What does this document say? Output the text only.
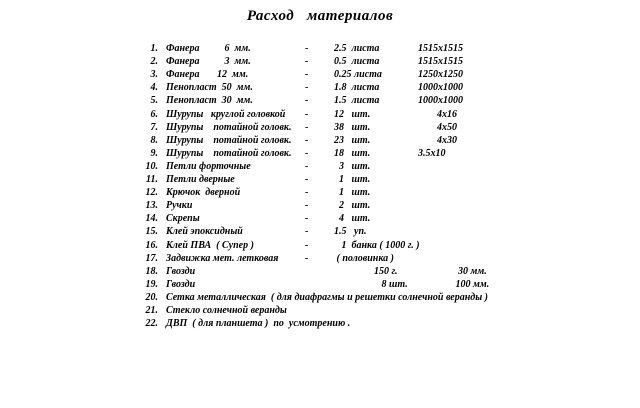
Расход   материалов
1. Фанера          6  мм.	-	2.5  листа	1515х1515
2. Фанера          3  мм.	-	0.5  листа	1515х1515
3. Фанера       12  мм.	-	0.25 листа	1250х1250
4. Пенопласт  50  мм.	-	1.8  листа	1000х1000
5. Пенопласт  30  мм.	-	1.5  листа	1000х1000
6. Шурупы   круглой головкой -	12   шт.	4х16
7. Шурупы    потайной головк. -	38   шт.	4х50
8. Шурупы    потайной головк. -	23   шт.	4х30
9. Шурупы    потайной головк. -	18   шт.	3.5х10
10. Петли форточные	-	3   шт.
11. Петли дверные	-	1   шт.
12. Крючок  дверной	-	1   шт.
13. Ручки	-	2   шт.
14. Скрепы	-	4   шт.
15. Клей эпоксидный	-	1.5   уп.
16. Клей ПВА  ( Супер )	-	1  банка ( 1000 г. )
17. Задвижка мет. летковая	-	( половинка )
18. Гвозди	150 г. 30 мм.
19. Гвозди	8 шт. 100 мм.
20. Сетка металлическая  ( для диафрагмы и решетки солнечной веранды )
21. Стекло солнечной веранды
22. ДВП  ( для планшета )  по  усмотрению .
